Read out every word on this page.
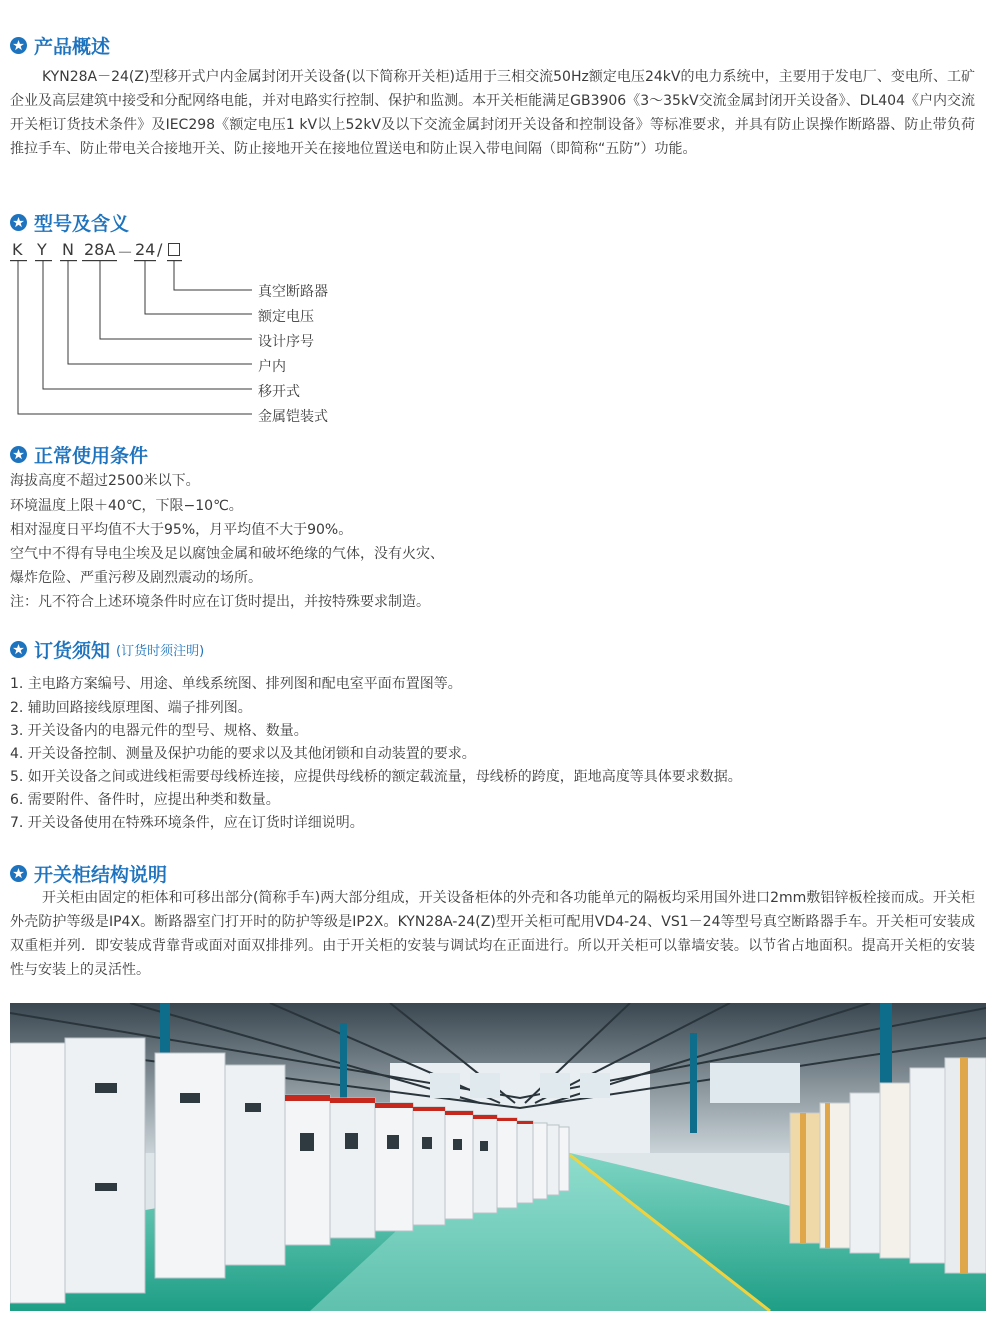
产品概述
KYN28A－24(Z)型移开式户内金属封闭开关设备(以下简称开关柜)适用于三相交流50Hz额定电压24kV的电力系统中，主要用于发电厂、变电所、工矿企业及高层建筑中接受和分配网络电能，并对电路实行控制、保护和监测。本开关柜能满足GB3906《3～35kV交流金属封闭开关设备》、DL404《户内交流开关柜订货技术条件》及IEC298《额定电压1 kV以上52kV及以下交流金属封闭开关设备和控制设备》等标准要求，并具有防止误操作断路器、防止带负荷推拉手车、防止带电关合接地开关、防止接地开关在接地位置送电和防止误入带电间隔（即简称“五防”）功能。
型号及含义
K Y N 28A － 24 /
真空断路器
额定电压
设计序号
户内
移开式
金属铠装式
正常使用条件
海拔高度不超过2500米以下。
环境温度上限＋40℃，下限−10℃。
相对湿度日平均值不大于95%，月平均值不大于90%。
空气中不得有导电尘埃及足以腐蚀金属和破坏绝缘的气体，没有火灾、
爆炸危险、严重污秽及剧烈震动的场所。
注：凡不符合上述环境条件时应在订货时提出，并按特殊要求制造。
订货须知 (订货时须注明)
1. 主电路方案编号、用途、单线系统图、排列图和配电室平面布置图等。
2. 辅助回路接线原理图、端子排列图。
3. 开关设备内的电器元件的型号、规格、数量。
4. 开关设备控制、测量及保护功能的要求以及其他闭锁和自动装置的要求。
5. 如开关设备之间或进线柜需要母线桥连接，应提供母线桥的额定载流量，母线桥的跨度，距地高度等具体要求数据。
6. 需要附件、备件时，应提出种类和数量。
7. 开关设备使用在特殊环境条件，应在订货时详细说明。
开关柜结构说明
开关柜由固定的柜体和可移出部分(简称手车)两大部分组成，开关设备柜体的外壳和各功能单元的隔板均采用国外进口2mm敷铝锌板栓接而成。开关柜外壳防护等级是IP4X。断路器室门打开时的防护等级是IP2X。KYN28A-24(Z)型开关柜可配用VD4-24、VS1－24等型号真空断路器手车。开关柜可安装成双重柜并列．即安装成背靠背或面对面双排排列。由于开关柜的安装与调试均在正面进行。所以开关柜可以靠墙安装。以节省占地面积。提高开关柜的安装性与安装上的灵活性。
